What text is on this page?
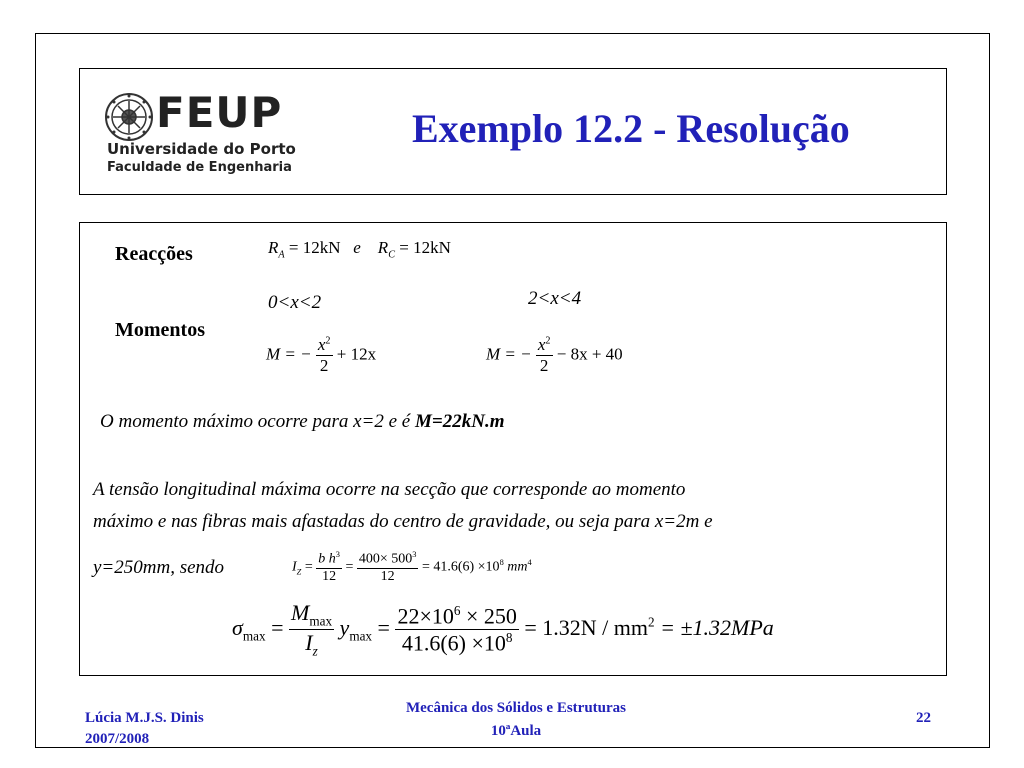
FEUP
Universidade do Porto
Faculdade de Engenharia
Exemplo 12.2 - Resolução
Reacções	$R_A = 12kN$ e $R_C = 12kN$
0<x<2	2<x<4
Momentos
M = − $\frac{x^2}{2} + 12x$	M = − $\frac{x^2}{2} - 8x + 40$
O momento máximo ocorre para x=2 e é M=22kN.m
A tensão longitudinal máxima ocorre na secção que corresponde ao momento
máximo e nas fibras mais afastadas do centro de gravidade, ou seja para x=2m e
y=250mm, sendo	$I_Z = \frac{b h^3}{12} = \frac{400\times 500^3}{12} = 41.6(6) \times 10^8$ $mm^4$
$\sigma_{max} = \frac{M_{max}}{I_z} y_{max} = \frac{22\times 10^6 \times 250}{41.6(6) \times 10^8} = 1.32N / mm^2 = \pm 1.32MPa$
Lúcia M.J.S. Dinis
2007/2008
Mecânica dos Sólidos e Estruturas
10ªAula
22
